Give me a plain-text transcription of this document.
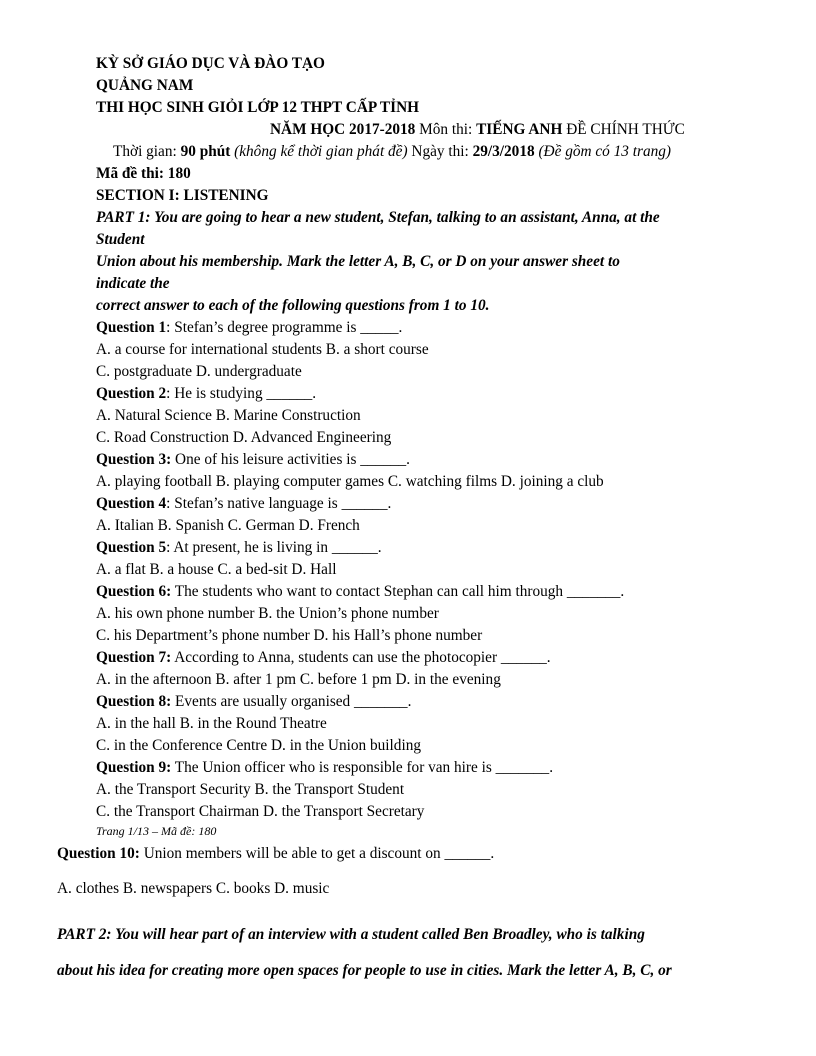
KỲ SỞ GIÁO DỤC VÀ ĐÀO TẠO
QUẢNG NAM
THI HỌC SINH GIỎI LỚP 12 THPT CẤP TỈNH
NĂM HỌC 2017-2018 Môn thi: TIẾNG ANH ĐỀ CHÍNH THỨC
Thời gian: 90 phút (không kể thời gian phát đề) Ngày thi: 29/3/2018 (Đề gồm có 13 trang)
Mã đề thi: 180
SECTION I: LISTENING
PART 1: You are going to hear a new student, Stefan, talking to an assistant, Anna, at the
Student
Union about his membership. Mark the letter A, B, C, or D on your answer sheet to
indicate the
correct answer to each of the following questions from 1 to 10.
Question 1: Stefan’s degree programme is _____.
A. a course for international students B. a short course
C. postgraduate D. undergraduate
Question 2: He is studying ______.
A. Natural Science B. Marine Construction
C. Road Construction D. Advanced Engineering
Question 3: One of his leisure activities is ______.
A. playing football B. playing computer games C. watching films D. joining a club
Question 4: Stefan’s native language is ______.
A. Italian B. Spanish C. German D. French
Question 5: At present, he is living in ______.
A. a flat B. a house C. a bed-sit D. Hall
Question 6: The students who want to contact Stephan can call him through _______.
A. his own phone number B. the Union’s phone number
C. his Department’s phone number D. his Hall’s phone number
Question 7: According to Anna, students can use the photocopier ______.
A. in the afternoon B. after 1 pm C. before 1 pm D. in the evening
Question 8: Events are usually organised _______.
A. in the hall B. in the Round Theatre
C. in the Conference Centre D. in the Union building
Question 9: The Union officer who is responsible for van hire is _______.
A. the Transport Security B. the Transport Student
C. the Transport Chairman D. the Transport Secretary
Trang 1/13 – Mã đề: 180
Question 10: Union members will be able to get a discount on ______.
A. clothes B. newspapers C. books D. music
PART 2: You will hear part of an interview with a student called Ben Broadley, who is talking
about his idea for creating more open spaces for people to use in cities. Mark the letter A, B, C, or
